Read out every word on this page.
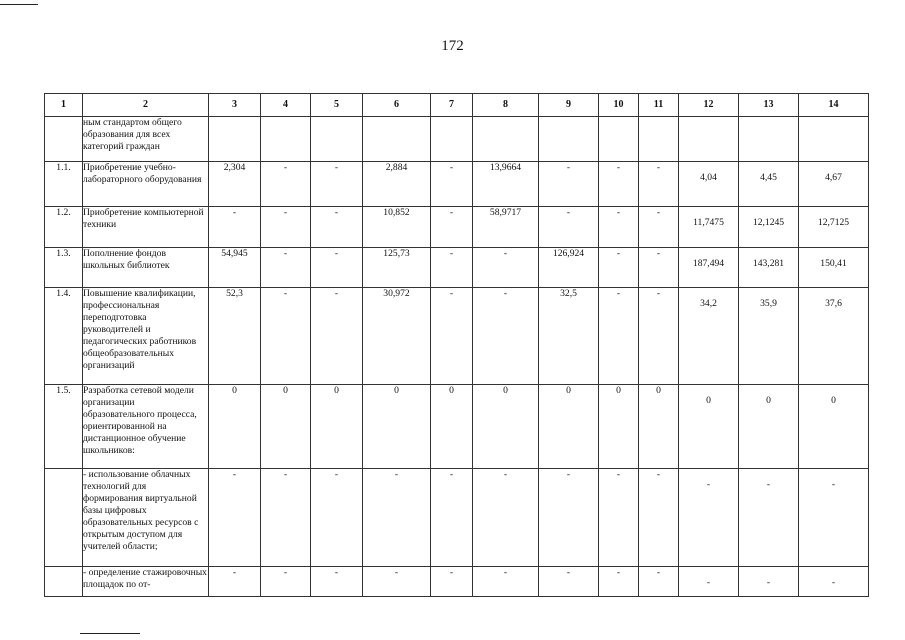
172
1	2	3	4	5	6	7	8	9	10	11	12	13	14
	ным стандартом общего образования для всех категорий граждан												
1.1.	Приобретение учебно-лабораторного оборудования	2,304	-	-	2,884	-	13,9664	-	-	-	4,04	4,45	4,67
1.2.	Приобретение компьютерной техники	-	-	-	10,852	-	58,9717	-	-	-	11,7475	12,1245	12,7125
1.3.	Пополнение фондов школьных библиотек	54,945	-	-	125,73	-	-	126,924	-	-	187,494	143,281	150,41
1.4.	Повышение квалификации, профессиональная переподготовка руководителей и педагогических работников общеобразовательных организаций	52,3	-	-	30,972	-	-	32,5	-	-	34,2	35,9	37,6
1.5.	Разработка сетевой модели организации образовательного процесса, ориентированной на дистанционное обучение школьников:	0	0	0	0	0	0	0	0	0	0	0	0
	- использование облачных технологий для формирования виртуальной базы цифровых образовательных ресурсов с открытым доступом для учителей области;	-	-	-	-	-	-	-	-	-	-	-	-
	- определение стажировочных площадок по от-	-	-	-	-	-	-	-	-	-	-	-	-
